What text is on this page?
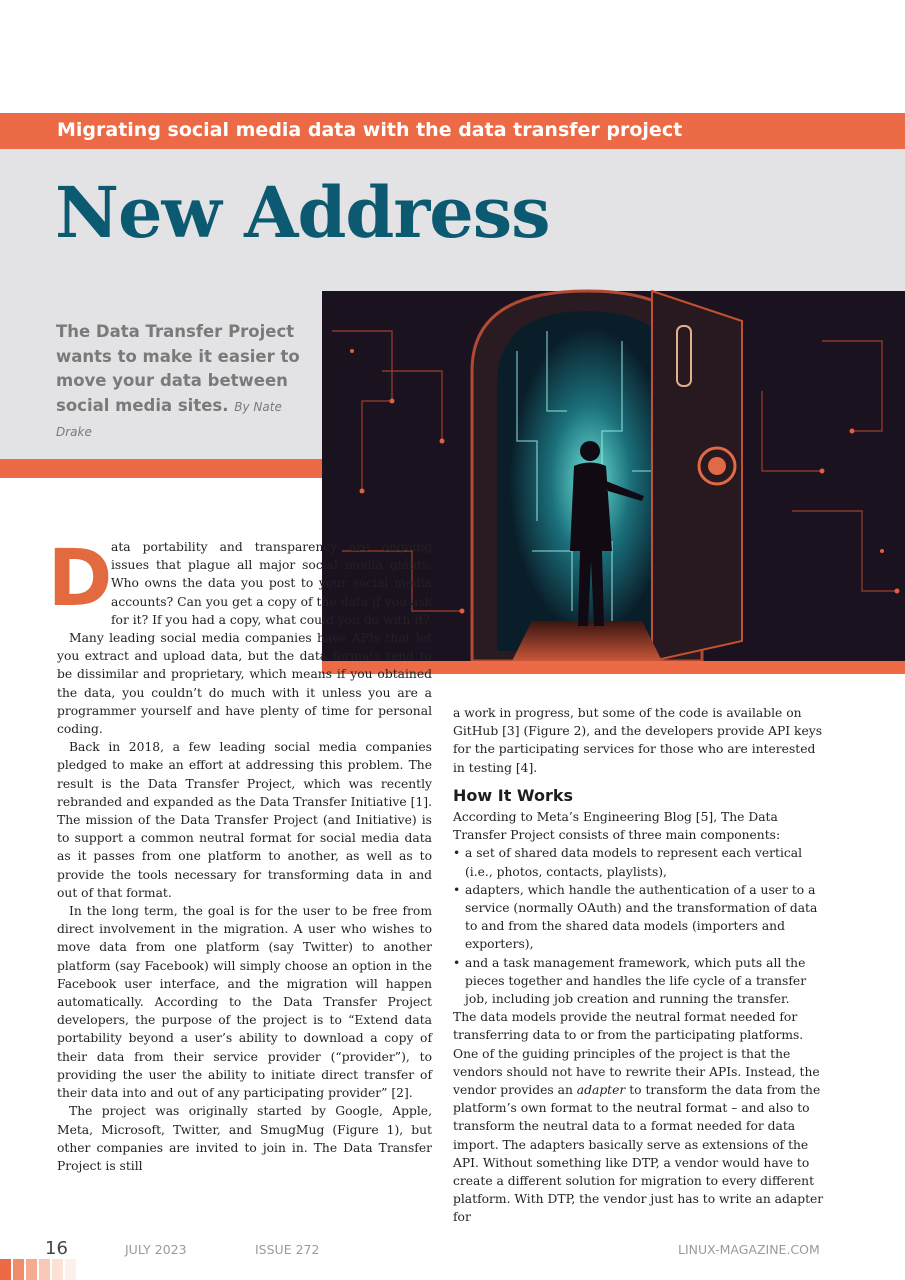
Migrating social media data with the data transfer project
New Address
The Data Transfer Project wants to make it easier to move your data between social media sites. By Nate Drake
D

ata portability and transparency are ongoing issues that plague all major social media giants. Who owns the data you post to your social media accounts? Can you get a copy of the data if you ask for it? If you had a copy, what could you do with it?

Many leading social media companies have APIs that let you extract and upload data, but the data formats tend to be dissimilar and proprietary, which means if you obtained the data, you couldn’t do much with it unless you are a programmer yourself and have plenty of time for personal coding.

Back in 2018, a few leading social media companies pledged to make an effort at addressing this problem. The result is the Data Transfer Project, which was recently rebranded and expanded as the Data Transfer Initiative [1]. The mission of the Data Transfer Project (and Initiative) is to support a common neutral format for social media data as it passes from one platform to another, as well as to provide the tools necessary for transforming data in and out of that format.

In the long term, the goal is for the user to be free from direct involvement in the migration. A user who wishes to move data from one platform (say Twitter) to another platform (say Facebook) will simply choose an option in the Facebook user interface, and the migration will happen automatically. According to the Data Transfer Project developers, the purpose of the project is to “Extend data portability beyond a user’s ability to download a copy of their data from their service provider (“provider”), to providing the user the ability to initiate direct transfer of their data into and out of any participating provider” [2].

The project was originally started by Google, Apple, Meta, Microsoft, Twitter, and SmugMug (Figure 1), but other companies are invited to join in. The Data Transfer Project is still

a work in progress, but some of the code is available on GitHub [3] (Figure 2), and the developers provide API keys for the participating services for those who are interested in testing [4].

How It Works

According to Meta’s Engineering Blog [5], The Data Transfer Project consists of three main components:

• a set of shared data models to represent each vertical (i.e., photos, contacts, playlists),
• adapters, which handle the authentication of a user to a service (normally OAuth) and the transformation of data to and from the shared data models (importers and exporters),
• and a task management framework, which puts all the pieces together and handles the life cycle of a transfer job, including job creation and running the transfer.

The data models provide the neutral format needed for transferring data to or from the participating platforms. One of the guiding principles of the project is that the vendors should not have to rewrite their APIs. Instead, the vendor provides an adapter to transform the data from the platform’s own format to the neutral format – and also to transform the neutral data to a format needed for data import. The adapters basically serve as extensions of the API. Without something like DTP, a vendor would have to create a different solution for migration to every different platform. With DTP, the vendor just has to write an adapter for

16	JULY 2023	ISSUE 272	LINUX-MAGAZINE.COM
